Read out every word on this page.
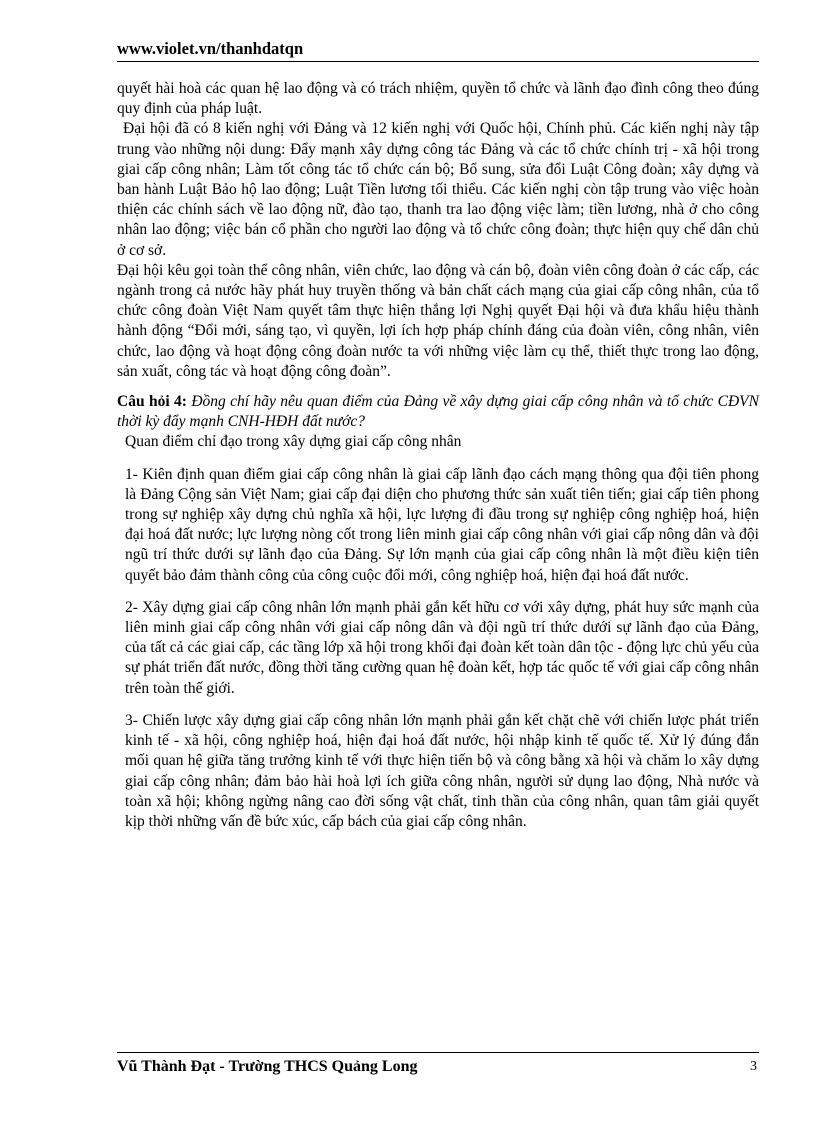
www.violet.vn/thanhdatqn

quyết hài hoà các quan hệ lao động và có trách nhiệm, quyền tổ chức và lãnh đạo đình công theo đúng quy định của pháp luật.

Đại hội đã có 8 kiến nghị với Đảng và 12 kiến nghị với Quốc hội, Chính phủ. Các kiến nghị này tập trung vào những nội dung: Đẩy mạnh xây dựng công tác Đảng và các tổ chức chính trị - xã hội trong giai cấp công nhân; Làm tốt công tác tổ chức cán bộ; Bổ sung, sửa đổi Luật Công đoàn; xây dựng và ban hành Luật Bảo hộ lao động; Luật Tiền lương tối thiểu. Các kiến nghị còn tập trung vào việc hoàn thiện các chính sách về lao động nữ, đào tạo, thanh tra lao động việc làm; tiền lương, nhà ở cho công nhân lao động; việc bán cổ phần cho người lao động và tổ chức công đoàn; thực hiện quy chế dân chủ ở cơ sở.

Đại hội kêu gọi toàn thể công nhân, viên chức, lao động và cán bộ, đoàn viên công đoàn ở các cấp, các ngành trong cả nước hãy phát huy truyền thống và bản chất cách mạng của giai cấp công nhân, của tổ chức công đoàn Việt Nam quyết tâm thực hiện thắng lợi Nghị quyết Đại hội và đưa khẩu hiệu thành hành động “Đổi mới, sáng tạo, vì quyền, lợi ích hợp pháp chính đáng của đoàn viên, công nhân, viên chức, lao động và hoạt động công đoàn nước ta với những việc làm cụ thể, thiết thực trong lao động, sản xuất, công tác và hoạt động công đoàn”.

Câu hỏi 4: Đồng chí hãy nêu quan điểm của Đảng về xây dựng giai cấp công nhân và tổ chức CĐVN thời kỳ đẩy mạnh CNH-HĐH đất nước?

Quan điểm chỉ đạo trong xây dựng giai cấp công nhân

1- Kiên định quan điểm giai cấp công nhân là giai cấp lãnh đạo cách mạng thông qua đội tiên phong là Đảng Cộng sản Việt Nam; giai cấp đại diện cho phương thức sản xuất tiên tiến; giai cấp tiên phong trong sự nghiệp xây dựng chủ nghĩa xã hội, lực lượng đi đầu trong sự nghiệp công nghiệp hoá, hiện đại hoá đất nước; lực lượng nòng cốt trong liên minh giai cấp công nhân với giai cấp nông dân và đội ngũ trí thức dưới sự lãnh đạo của Đảng. Sự lớn mạnh của giai cấp công nhân là một điều kiện tiên quyết bảo đảm thành công của công cuộc đổi mới, công nghiệp hoá, hiện đại hoá đất nước.

2- Xây dựng giai cấp công nhân lớn mạnh phải gắn kết hữu cơ với xây dựng, phát huy sức mạnh của liên minh giai cấp công nhân với giai cấp nông dân và đội ngũ trí thức dưới sự lãnh đạo của Đảng, của tất cả các giai cấp, các tầng lớp xã hội trong khối đại đoàn kết toàn dân tộc - động lực chủ yếu của sự phát triển đất nước, đồng thời tăng cường quan hệ đoàn kết, hợp tác quốc tế với giai cấp công nhân trên toàn thế giới.

3- Chiến lược xây dựng giai cấp công nhân lớn mạnh phải gắn kết chặt chẽ với chiến lược phát triển kinh tế - xã hội, công nghiệp hoá, hiện đại hoá đất nước, hội nhập kinh tế quốc tế. Xử lý đúng đắn mối quan hệ giữa tăng trưởng kinh tế với thực hiện tiến bộ và công bằng xã hội và chăm lo xây dựng giai cấp công nhân; đảm bảo hài hoà lợi ích giữa công nhân, người sử dụng lao động, Nhà nước và toàn xã hội; không ngừng nâng cao đời sống vật chất, tinh thần của công nhân, quan tâm giải quyết kịp thời những vấn đề bức xúc, cấp bách của giai cấp công nhân.

Vũ Thành Đạt - Trường THCS Quảng Long	3
